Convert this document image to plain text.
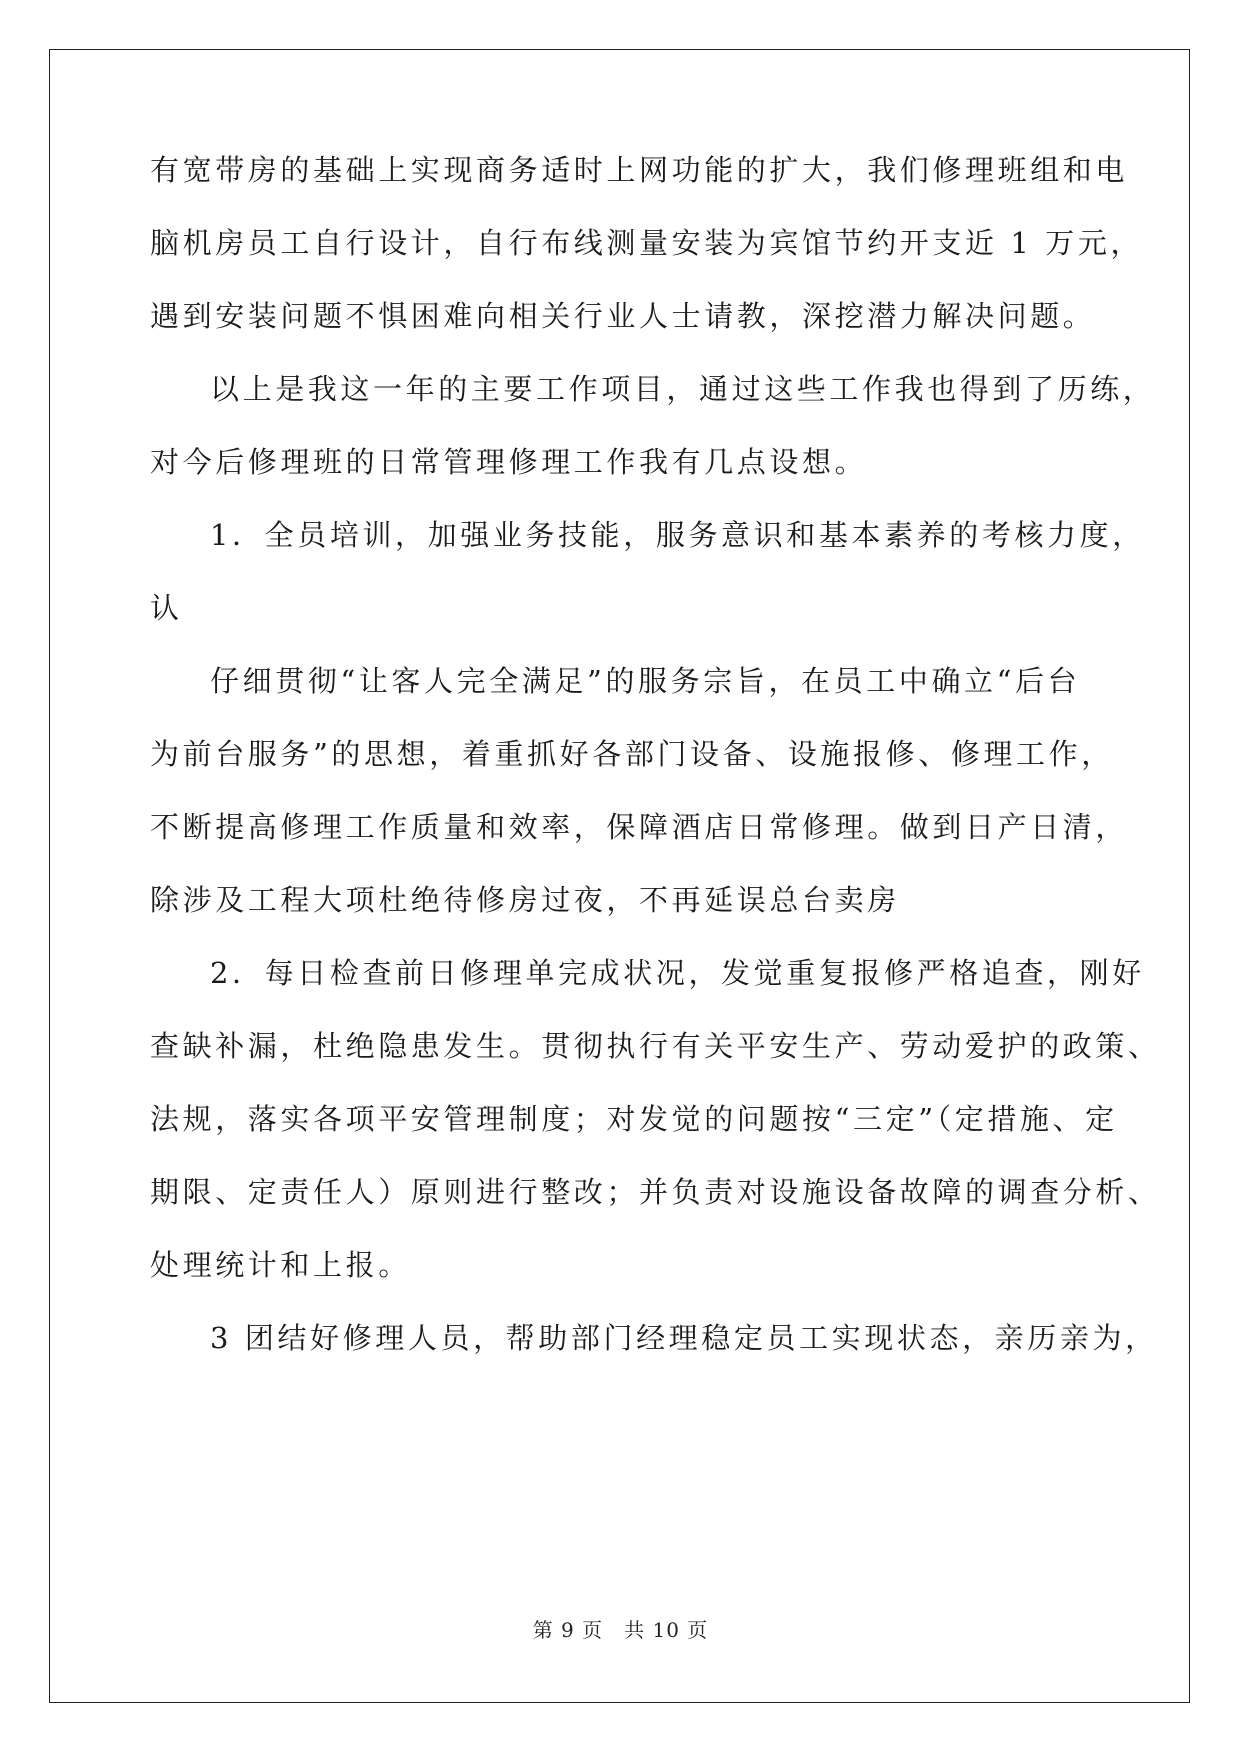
有宽带房的基础上实现商务适时上网功能的扩大，我们修理班组和电
脑机房员工自行设计，自行布线测量安装为宾馆节约开支近 1 万元，
遇到安装问题不惧困难向相关行业人士请教，深挖潜力解决问题。
以上是我这一年的主要工作项目，通过这些工作我也得到了历练，
对今后修理班的日常管理修理工作我有几点设想。
1．全员培训，加强业务技能，服务意识和基本素养的考核力度，
认
仔细贯彻“让客人完全满足”的服务宗旨，在员工中确立“后台
为前台服务”的思想，着重抓好各部门设备、设施报修、修理工作，
不断提高修理工作质量和效率，保障酒店日常修理。做到日产日清，
除涉及工程大项杜绝待修房过夜，不再延误总台卖房
2．每日检查前日修理单完成状况，发觉重复报修严格追查，刚好
查缺补漏，杜绝隐患发生。贯彻执行有关平安生产、劳动爱护的政策、
法规，落实各项平安管理制度；对发觉的问题按“三定”（定措施、定
期限、定责任人）原则进行整改；并负责对设施设备故障的调查分析、
处理统计和上报。
3 团结好修理人员，帮助部门经理稳定员工实现状态，亲历亲为，
第 9 页　共 10 页
